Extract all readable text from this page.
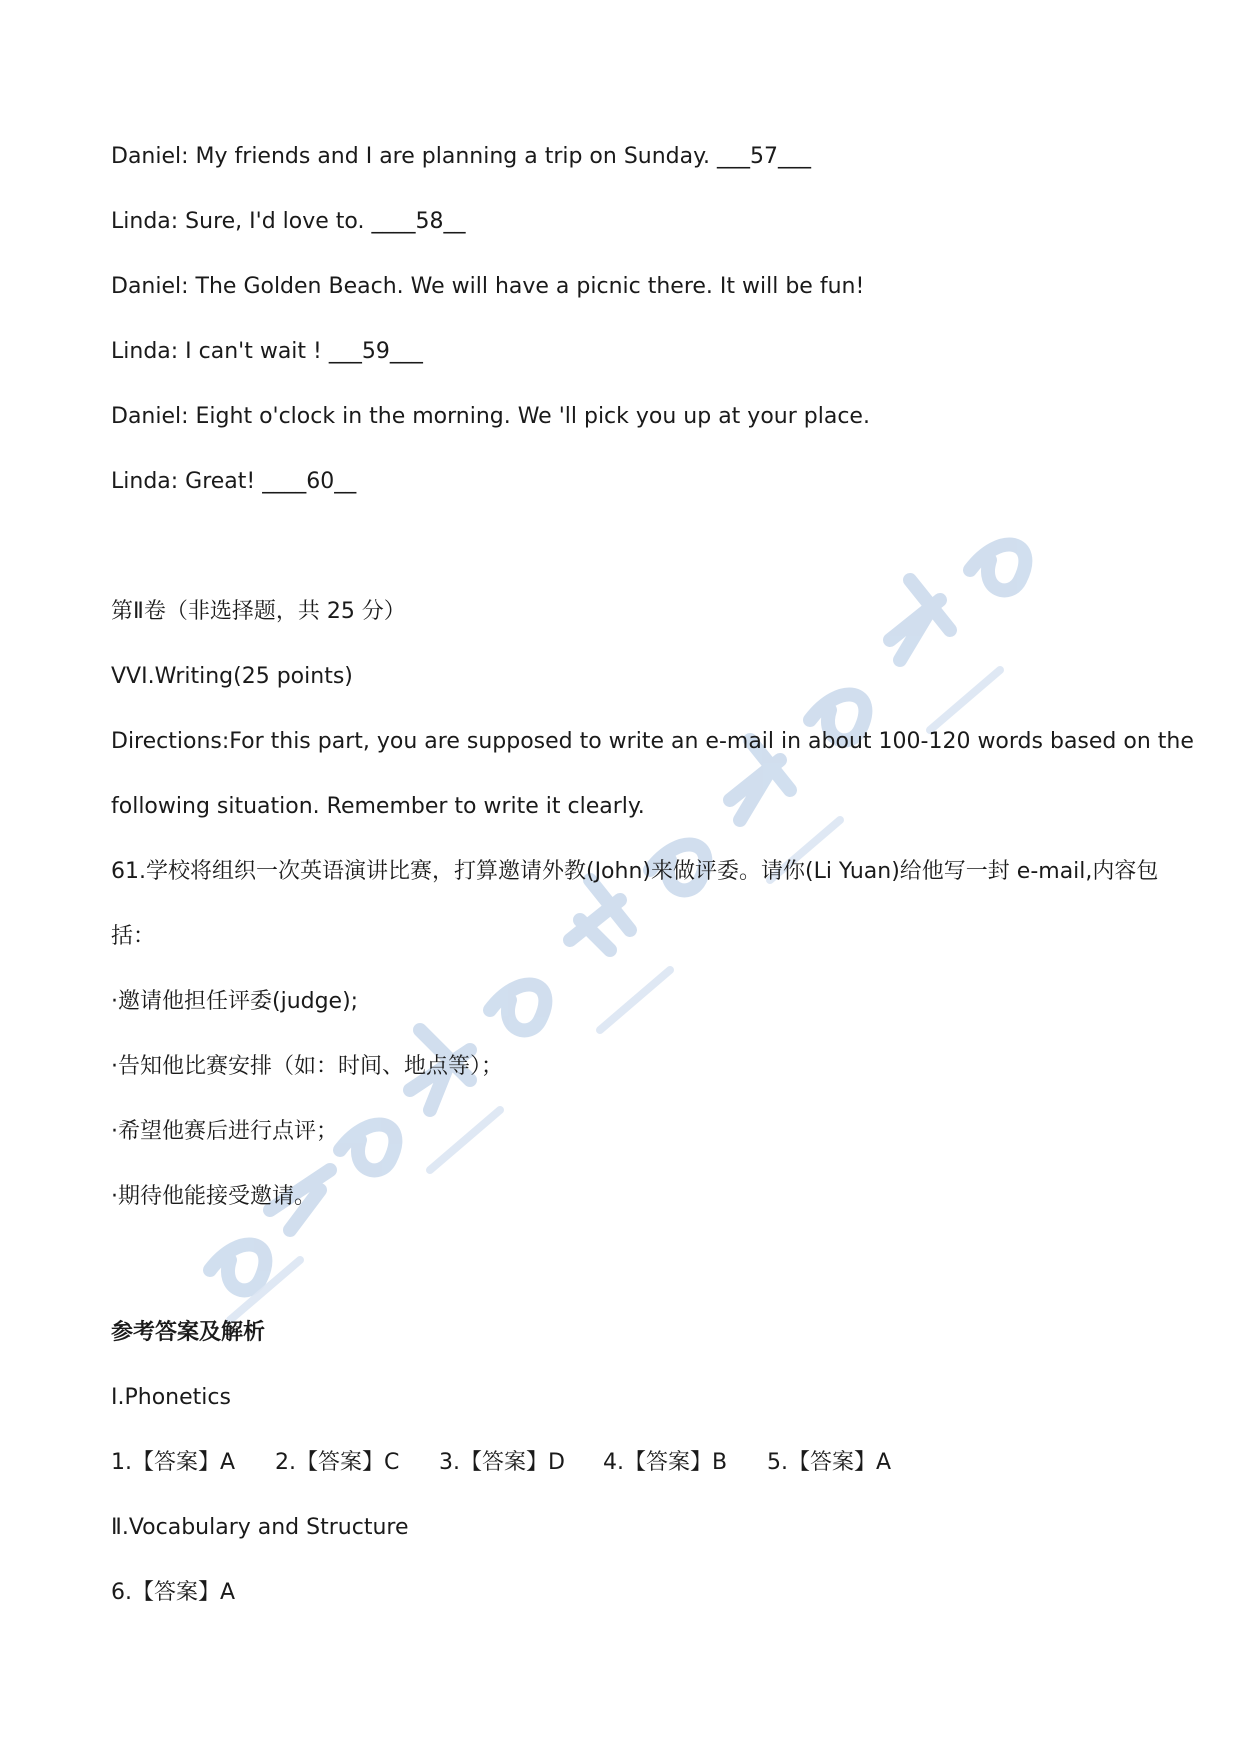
Daniel: My friends and I are planning a trip on Sunday. ___57___
Linda: Sure, I'd love to. ____58__
Daniel: The Golden Beach. We will have a picnic there. It will be fun!
Linda: I can't wait ! ___59___
Daniel: Eight o'clock in the morning. We 'll pick you up at your place.
Linda: Great! ____60__
第Ⅱ卷（非选择题，共 25 分）
VVI.Writing(25 points)
Directions:For this part, you are supposed to write an e-mail in about 100-120 words based on the
following situation. Remember to write it clearly.
61.学校将组织一次英语演讲比赛，打算邀请外教(John)来做评委。请你(Li Yuan)给他写一封 e-mail,内容包
括：
·邀请他担任评委(judge);
·告知他比赛安排（如：时间、地点等）；
·希望他赛后进行点评；
·期待他能接受邀请。
参考答案及解析
I.Phonetics
1.【答案】A 2.【答案】C 3.【答案】D 4.【答案】B 5.【答案】A
Ⅱ.Vocabulary and Structure
6.【答案】A
